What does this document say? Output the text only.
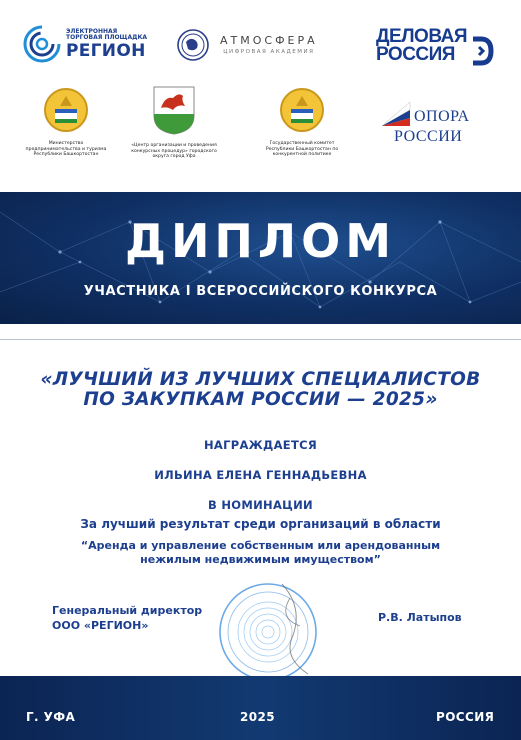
ЭЛЕКТРОННАЯ
ТОРГОВАЯ ПЛОЩАДКА
РЕГИОН
АТМОСФЕРА
ЦИФРОВАЯ АКАДЕМИЯ
ДЕЛОВАЯ
РОССИЯ
Министерство предпринимательства и туризма Республики Башкортостан
«Центр организации и проведения конкурсных процедур» городского округа город Уфа
Государственный комитет Республики Башкортостан по конкурентной политике
ОПОРА
РОССИИ
ДИПЛОМ
УЧАСТНИКА I ВСЕРОССИЙСКОГО КОНКУРСА
«ЛУЧШИЙ ИЗ ЛУЧШИХ СПЕЦИАЛИСТОВ
ПО ЗАКУПКАМ РОССИИ — 2025»
НАГРАЖДАЕТСЯ
ИЛЬИНА ЕЛЕНА ГЕННАДЬЕВНА
В НОМИНАЦИИ
За лучший результат среди организаций в области
“Аренда и управление собственным или арендованным
нежилым недвижимым имуществом”
Генеральный директор
ООО «РЕГИОН»
Р.В. Латыпов
Г. УФА	2025	РОССИЯ
